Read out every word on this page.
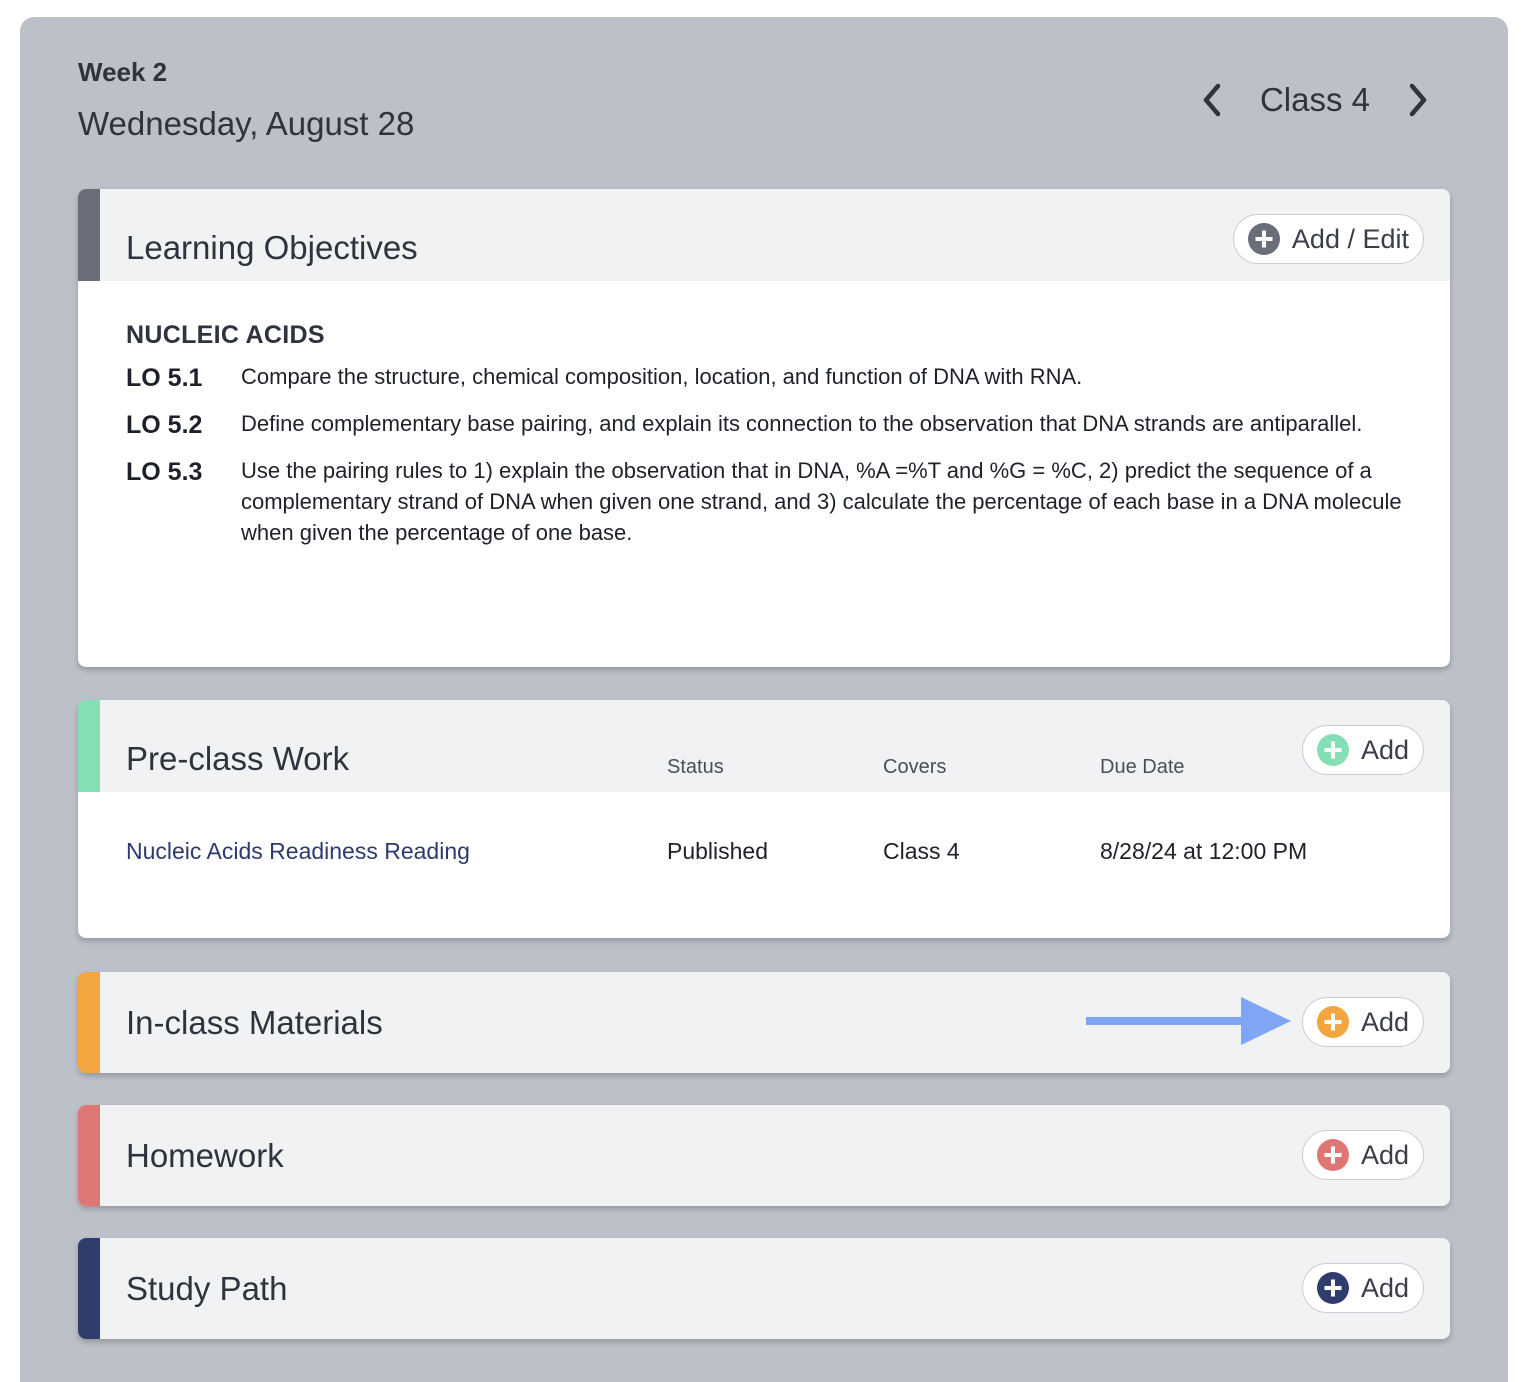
Week 2
Wednesday, August 28
Class 4
Learning Objectives	Add / Edit
NUCLEIC ACIDS
LO 5.1	Compare the structure, chemical composition, location, and function of DNA with RNA.
LO 5.2	Define complementary base pairing, and explain its connection to the observation that DNA strands are antiparallel.
LO 5.3	Use the pairing rules to 1) explain the observation that in DNA, %A =%T and %G = %C, 2) predict the sequence of a complementary strand of DNA when given one strand, and 3) calculate the percentage of each base in a DNA molecule when given the percentage of one base.
Pre-class Work	Status	Covers	Due Date
Add
Nucleic Acids Readiness Reading	Published	Class 4	8/28/24 at 12:00 PM
In-class Materials	Add
Homework	Add
Study Path	Add
